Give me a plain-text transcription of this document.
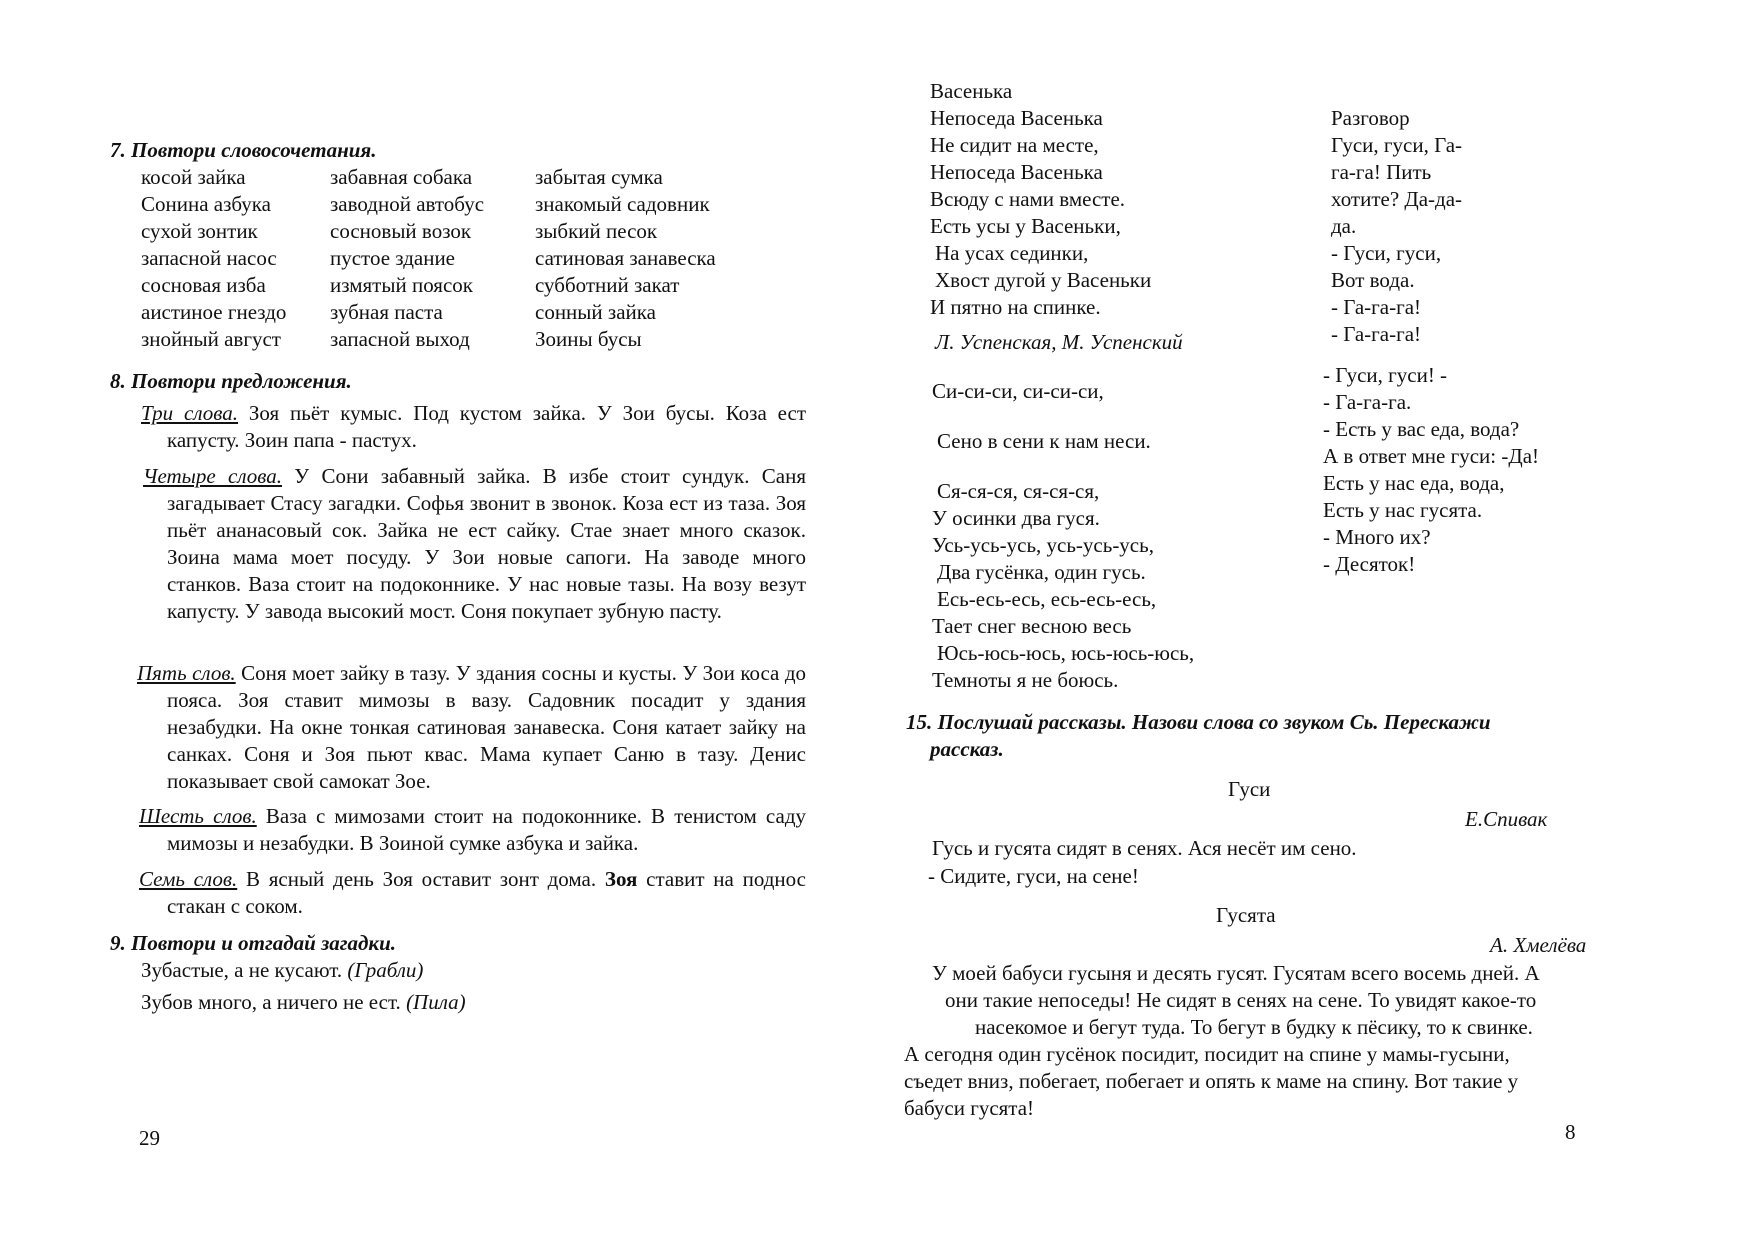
7. Повтори словосочетания.
косой зайка
Сонина азбука
сухой зонтик
запасной насос
сосновая изба
аистиное гнездо
знойный август
забавная собака
заводной автобус
сосновый возок
пустое здание
измятый поясок
зубная паста
запасной выход
забытая сумка
знакомый садовник
зыбкий песок
сатиновая занавеска
субботний закат
сонный зайка
Зоины бусы
8. Повтори предложения.

Три слова. Зоя пьёт кумыс. Под кустом зайка. У Зои бусы. Коза ест капусту. Зоин папа - пастух.

Четыре слова. У Сони забавный зайка. В избе стоит сундук. Саня загадывает Стасу загадки. Софья звонит в звонок. Коза ест из таза. Зоя пьёт ананасовый сок. Зайка не ест сайку. Стае знает много сказок. Зоина мама моет посуду. У Зои новые сапоги. На заводе много станков. Ваза стоит на подоконнике. У нас новые тазы. На возу везут капусту. У завода высокий мост. Соня покупает зубную пасту.

Пять слов. Соня моет зайку в тазу. У здания сосны и кусты. У Зои коса до пояса. Зоя ставит мимозы в вазу. Садовник посадит у здания незабудки. На окне тонкая сатиновая занавеска. Соня катает зайку на санках. Соня и Зоя пьют квас. Мама купает Саню в тазу. Денис показывает свой самокат Зое.

Шесть слов. Ваза с мимозами стоит на подоконнике. В тенистом саду мимозы и незабудки. В Зоиной сумке азбука и зайка.

Семь слов. В ясный день Зоя оставит зонт дома. Зоя ставит на поднос стакан с соком.

9. Повтори и отгадай загадки.
Зубастые, а не кусают. (Грабли)
Зубов много, а ничего не ест. (Пила)
29
Васенька
Непоседа Васенька
Не сидит на месте,
Непоседа Васенька
Всюду с нами вместе.
Есть усы у Васеньки,
На усах сединки,
Хвост дугой у Васеньки
И пятно на спинке.
Л. Успенская, М. Успенский
Си-си-си, си-си-си,
Сено в сени к нам неси.
Ся-ся-ся, ся-ся-ся,
У осинки два гуся.
Усь-усь-усь, усь-усь-усь,
Два гусёнка, один гусь.
Есь-есь-есь, есь-есь-есь,
Тает снег весною весь
Юсь-юсь-юсь, юсь-юсь-юсь,
Темноты я не боюсь.
Разговор
Гуси, гуси, Га-
га-га! Пить
хотите? Да-да-
да.
- Гуси, гуси,
Вот вода.
- Га-га-га!
- Га-га-га!
- Гуси, гуси! -
- Га-га-га.
- Есть у вас еда, вода?
А в ответ мне гуси: -Да!
Есть у нас еда, вода,
Есть у нас гусята.
- Много их?
- Десяток!
15. Послушай рассказы. Назови слова со звуком Сь. Перескажи
рассказ.
Гуси
Е.Спивак
Гусь и гусята сидят в сенях. Ася несёт им сено.
- Сидите, гуси, на сене!
Гусята
А. Хмелёва
У моей бабуси гусыня и десять гусят. Гусятам всего восемь дней. А
они такие непоседы! Не сидят в сенях на сене. То увидят какое-то
насекомое и бегут туда. То бегут в будку к пёсику, то к свинке.
А сегодня один гусёнок посидит, посидит на спине у мамы-гусыни,
съедет вниз, побегает, побегает и опять к маме на спину. Вот такие у
бабуси гусята!
8
